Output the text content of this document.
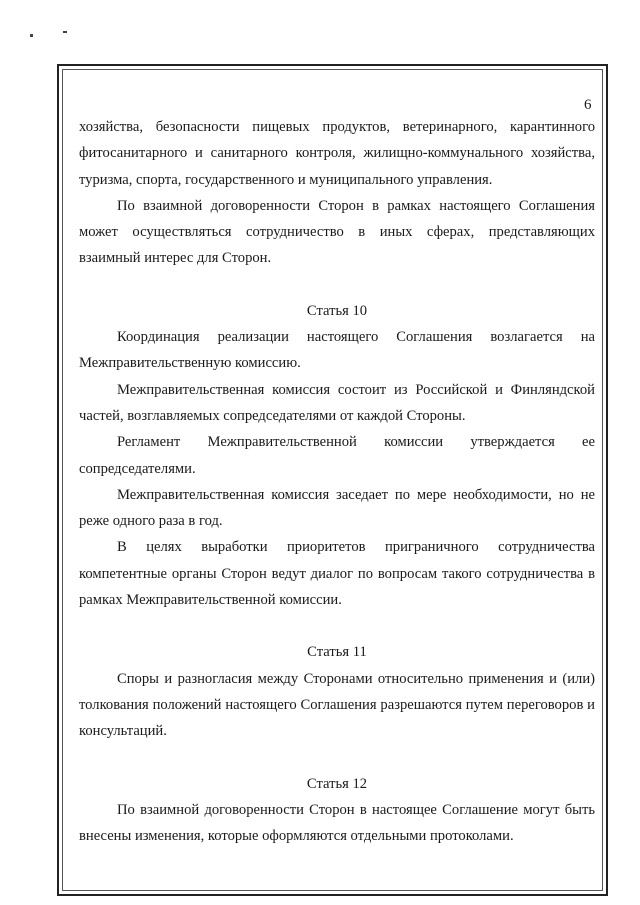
6

хозяйства, безопасности пищевых продуктов, ветеринарного, карантинного фитосанитарного и санитарного контроля, жилищно-коммунального хозяйства, туризма, спорта, государственного и муниципального управления.

По взаимной договоренности Сторон в рамках настоящего Соглашения может осуществляться сотрудничество в иных сферах, представляющих взаимный интерес для Сторон.

Статья 10

Координация реализации настоящего Соглашения возлагается на Межправительственную комиссию.

Межправительственная комиссия состоит из Российской и Финляндской частей, возглавляемых сопредседателями от каждой Стороны.

Регламент Межправительственной комиссии утверждается ее сопредседателями.

Межправительственная комиссия заседает по мере необходимости, но не реже одного раза в год.

В целях выработки приоритетов приграничного сотрудничества компетентные органы Сторон ведут диалог по вопросам такого сотрудничества в рамках Межправительственной комиссии.

Статья 11

Споры и разногласия между Сторонами относительно применения и (или) толкования положений настоящего Соглашения разрешаются путем переговоров и консультаций.

Статья 12

По взаимной договоренности Сторон в настоящее Соглашение могут быть внесены изменения, которые оформляются отдельными протоколами.
